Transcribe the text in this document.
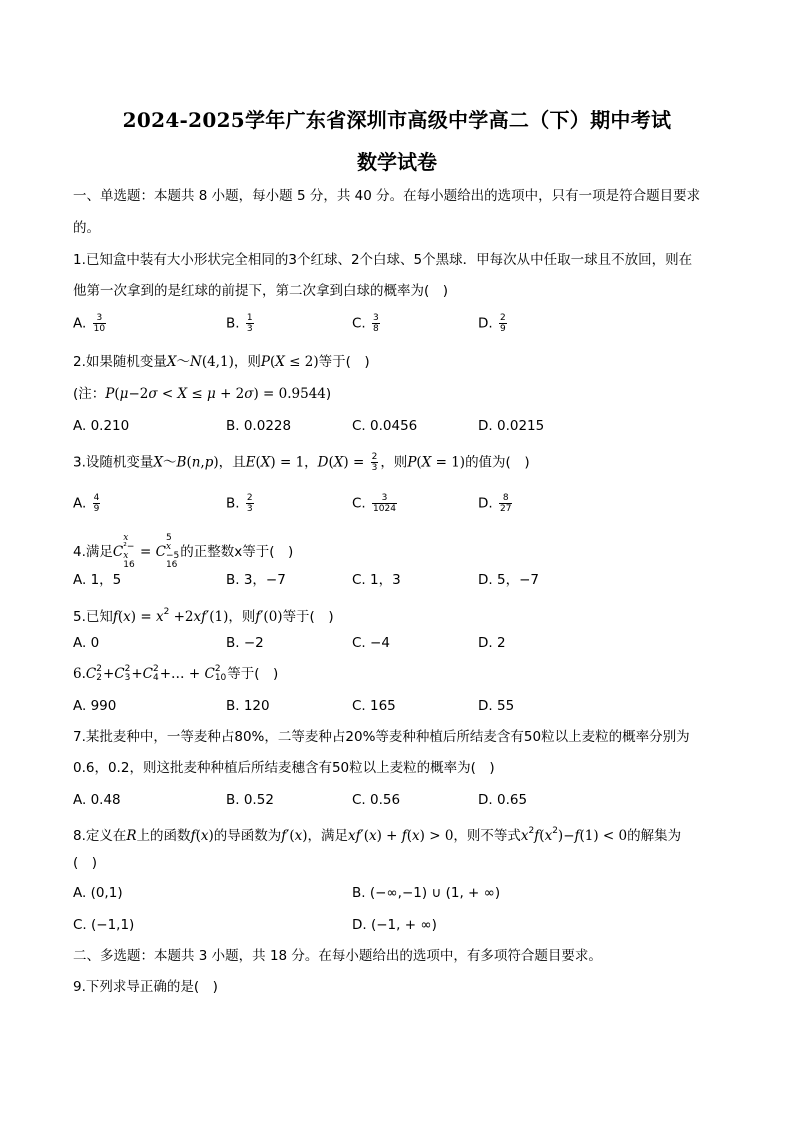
2024-2025学年广东省深圳市高级中学高二（下）期中考试
数学试卷
一、单选题：本题共 8 小题，每小题 5 分，共 40 分。在每小题给出的选项中，只有一项是符合题目要求
的。
1.已知盒中装有大小形状完全相同的3个红球、2个白球、5个黑球．甲每次从中任取一球且不放回，则在
他第一次拿到的是红球的前提下，第二次拿到白球的概率为(　)
A. $\frac{3}{10}$	B. $\frac{1}{3}$	C. $\frac{3}{8}$	D. $\frac{2}{9}$
2.如果随机变量X～N(4,1)，则P(X ≤ 2)等于(　)
(注：P(μ−2σ < X ≤ μ + 2σ) = 0.9544)
A. 0.210	B. 0.0228	C. 0.0456	D. 0.0215
3.设随机变量X～B(n,p)，且E(X) = 1，$D(X) = \frac{2}{3}$ ，则P(X = 1)的值为(　)
A. $\frac{4}{9}$	B. $\frac{2}{3}$	C. $\frac{3}{1024}$	D. $\frac{8}{27}$
4.满足C
x
²−
x
16
= C
5
x
−5
16
的正整数x等于(　)
A. 1，5	B. 3，−7	C. 1，3	D. 5，−7
5.已知$f(x) = x^2 +2xf'(1)$，则f′(0)等于(　)
A. 0	B. −2	C. −4	D. 2
6.C 2
2 +C 2
3 +C 2
4 +… + C 2
10 等于(　)
A. 990	B. 120	C. 165	D. 55
7.某批麦种中，一等麦种占80%，二等麦种占20%等麦种种植后所结麦含有50粒以上麦粒的概率分别为
0.6，0.2，则这批麦种种植后所结麦穗含有50粒以上麦粒的概率为(　)
A. 0.48	B. 0.52	C. 0.56	D. 0.65
8.定义在R上的函数f(x)的导函数为f′(x)，满足xf′(x) + f(x) > 0，则不等式$x^2f(x^2)-f(1) < 0$的解集为
(　)
A. (0,1)	B. (−∞,−1) ∪ (1, + ∞)
C. (−1,1)	D. (−1, + ∞)
二、多选题：本题共 3 小题，共 18 分。在每小题给出的选项中，有多项符合题目要求。
9.下列求导正确的是(　)
